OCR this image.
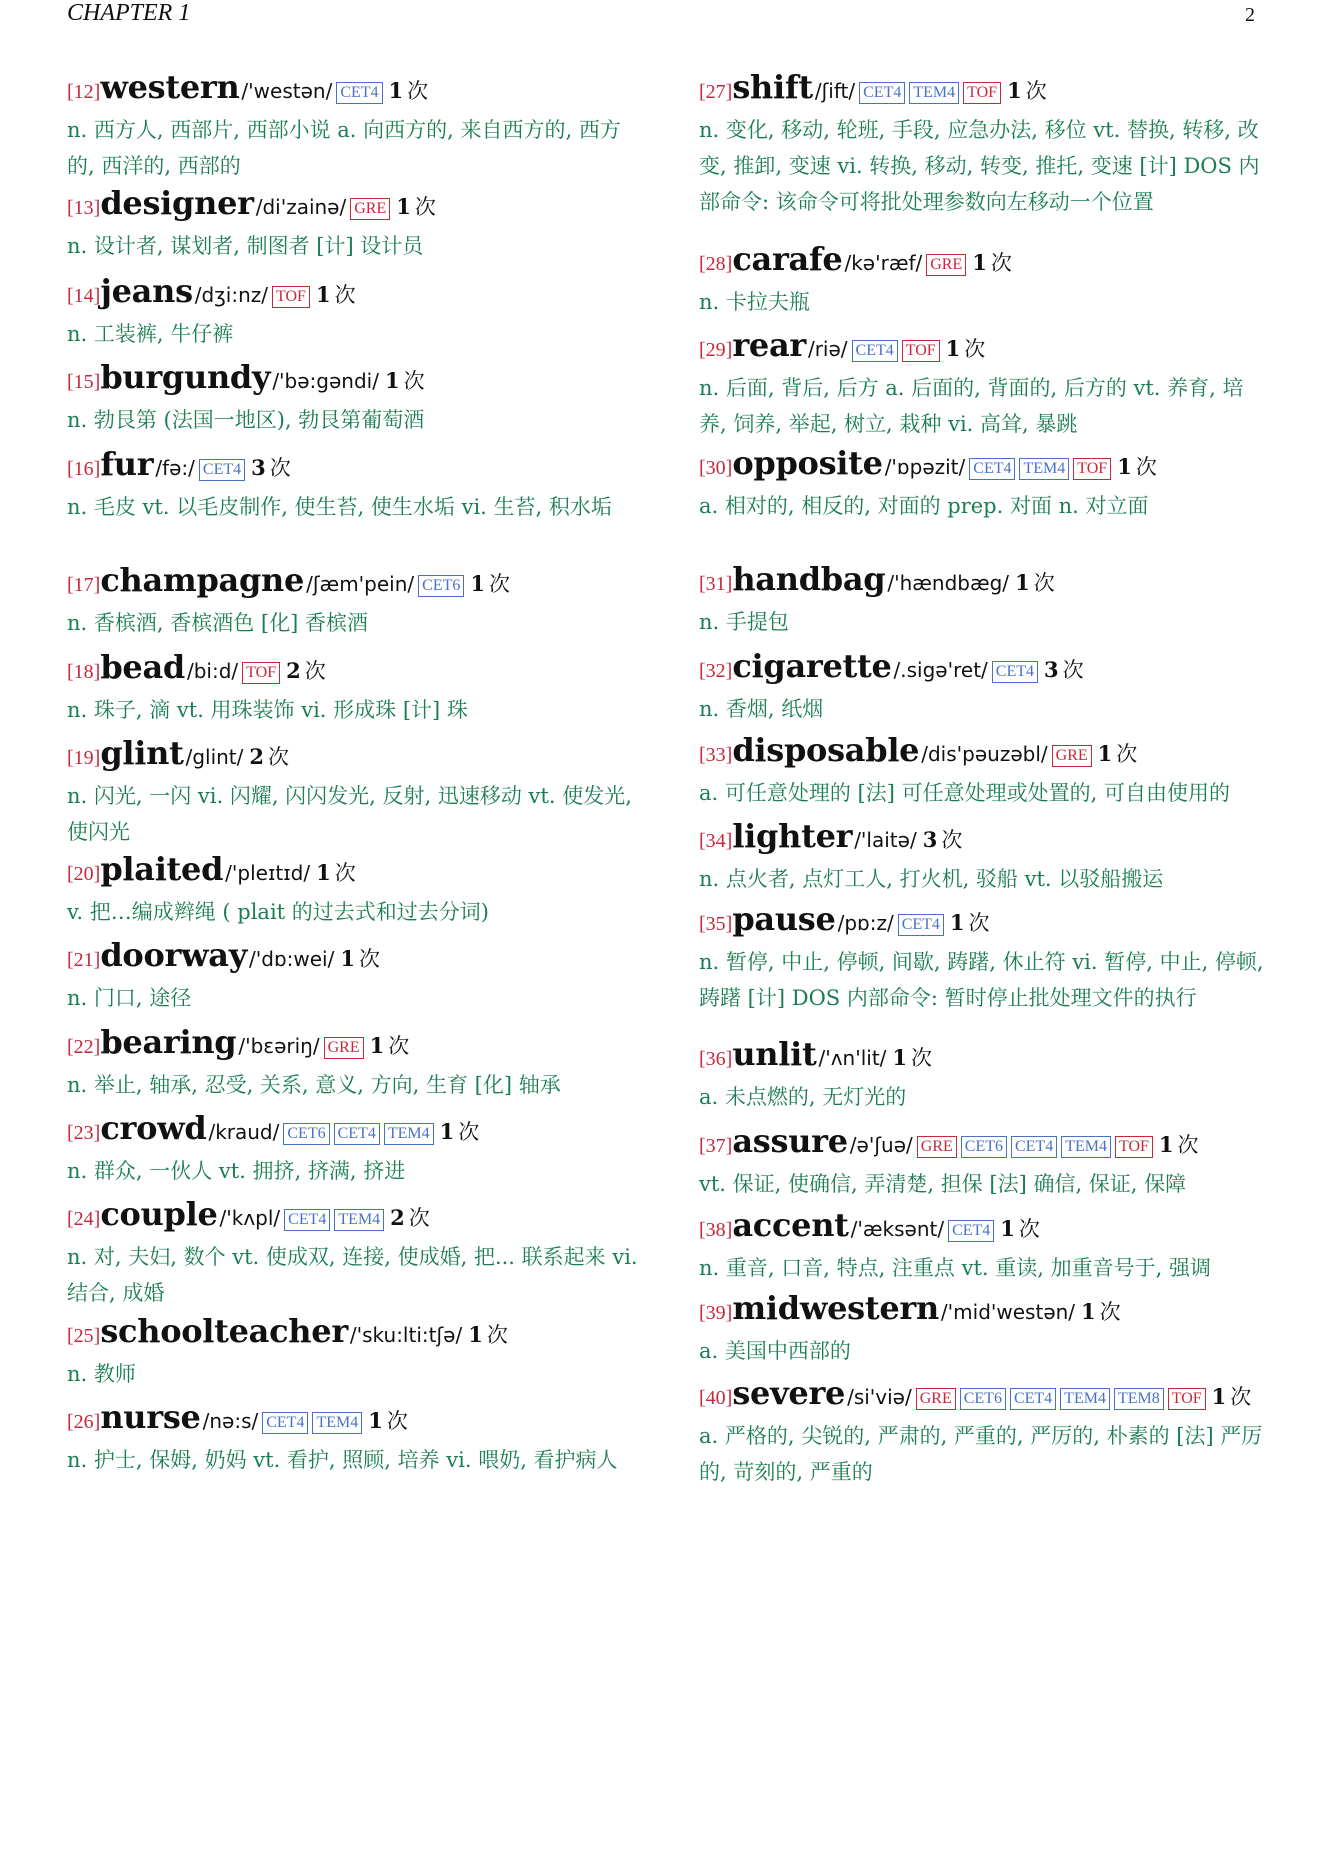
CHAPTER 1	2
[12]western /'westən/ CET4 1 次
n. 西方人, 西部片, 西部小说 a. 向西方的, 来自西方的, 西方的, 西洋的, 西部的
[13]designer /di'zainə/ GRE 1 次
n. 设计者, 谋划者, 制图者 [计] 设计员
[14]jeans /dʒi:nz/ TOF 1 次
n. 工装裤, 牛仔裤
[15]burgundy /'bə:gəndi/ 1 次
n. 勃艮第 (法国一地区), 勃艮第葡萄酒
[16]fur /fə:/ CET4 3 次
n. 毛皮 vt. 以毛皮制作, 使生苔, 使生水垢 vi. 生苔, 积水垢
[17]champagne /ʃæm'pein/ CET6 1 次
n. 香槟酒, 香槟酒色 [化] 香槟酒
[18]bead /bi:d/ TOF 2 次
n. 珠子, 滴 vt. 用珠装饰 vi. 形成珠 [计] 珠
[19]glint /glint/ 2 次
n. 闪光, 一闪 vi. 闪耀, 闪闪发光, 反射, 迅速移动 vt. 使发光, 使闪光
[20]plaited /'pleɪtɪd/ 1 次
v. 把…编成辫绳 ( plait 的过去式和过去分词)
[21]doorway /'dɒ:wei/ 1 次
n. 门口, 途径
[22]bearing /'bɛəriŋ/ GRE 1 次
n. 举止, 轴承, 忍受, 关系, 意义, 方向, 生育 [化] 轴承
[23]crowd /kraud/ CET6 CET4 TEM4 1 次
n. 群众, 一伙人 vt. 拥挤, 挤满, 挤进
[24]couple /'kʌpl/ CET4 TEM4 2 次
n. 对, 夫妇, 数个 vt. 使成双, 连接, 使成婚, 把... 联系起来 vi. 结合, 成婚
[25]schoolteacher /'sku:lti:tʃə/ 1 次
n. 教师
[26]nurse /nə:s/ CET4 TEM4 1 次
n. 护士, 保姆, 奶妈 vt. 看护, 照顾, 培养 vi. 喂奶, 看护病人
[27]shift /ʃift/ CET4 TEM4 TOF 1 次
n. 变化, 移动, 轮班, 手段, 应急办法, 移位 vt. 替换, 转移, 改变, 推卸, 变速 vi. 转换, 移动, 转变, 推托, 变速 [计] DOS 内部命令: 该命令可将批处理参数向左移动一个位置
[28]carafe /kə'ræf/ GRE 1 次
n. 卡拉夫瓶
[29]rear /riə/ CET4 TOF 1 次
n. 后面, 背后, 后方 a. 后面的, 背面的, 后方的 vt. 养育, 培养, 饲养, 举起, 树立, 栽种 vi. 高耸, 暴跳
[30]opposite /'ɒpəzit/ CET4 TEM4 TOF 1 次
a. 相对的, 相反的, 对面的 prep. 对面 n. 对立面
[31]handbag /'hændbæg/ 1 次
n. 手提包
[32]cigarette /.sigə'ret/ CET4 3 次
n. 香烟, 纸烟
[33]disposable /dis'pəuzəbl/ GRE 1 次
a. 可任意处理的 [法] 可任意处理或处置的, 可自由使用的
[34]lighter /'laitə/ 3 次
n. 点火者, 点灯工人, 打火机, 驳船 vt. 以驳船搬运
[35]pause /pɒ:z/ CET4 1 次
n. 暂停, 中止, 停顿, 间歇, 踌躇, 休止符 vi. 暂停, 中止, 停顿, 踌躇 [计] DOS 内部命令: 暂时停止批处理文件的执行
[36]unlit /'ʌn'lit/ 1 次
a. 未点燃的, 无灯光的
[37]assure /ə'ʃuə/ GRE CET6 CET4 TEM4 TOF 1 次
vt. 保证, 使确信, 弄清楚, 担保 [法] 确信, 保证, 保障
[38]accent /'æksənt/ CET4 1 次
n. 重音, 口音, 特点, 注重点 vt. 重读, 加重音号于, 强调
[39]midwestern /'mid'westən/ 1 次
a. 美国中西部的
[40]severe /si'viə/ GRE CET6 CET4 TEM4 TEM8 TOF 1 次
a. 严格的, 尖锐的, 严肃的, 严重的, 严厉的, 朴素的 [法] 严厉的, 苛刻的, 严重的
